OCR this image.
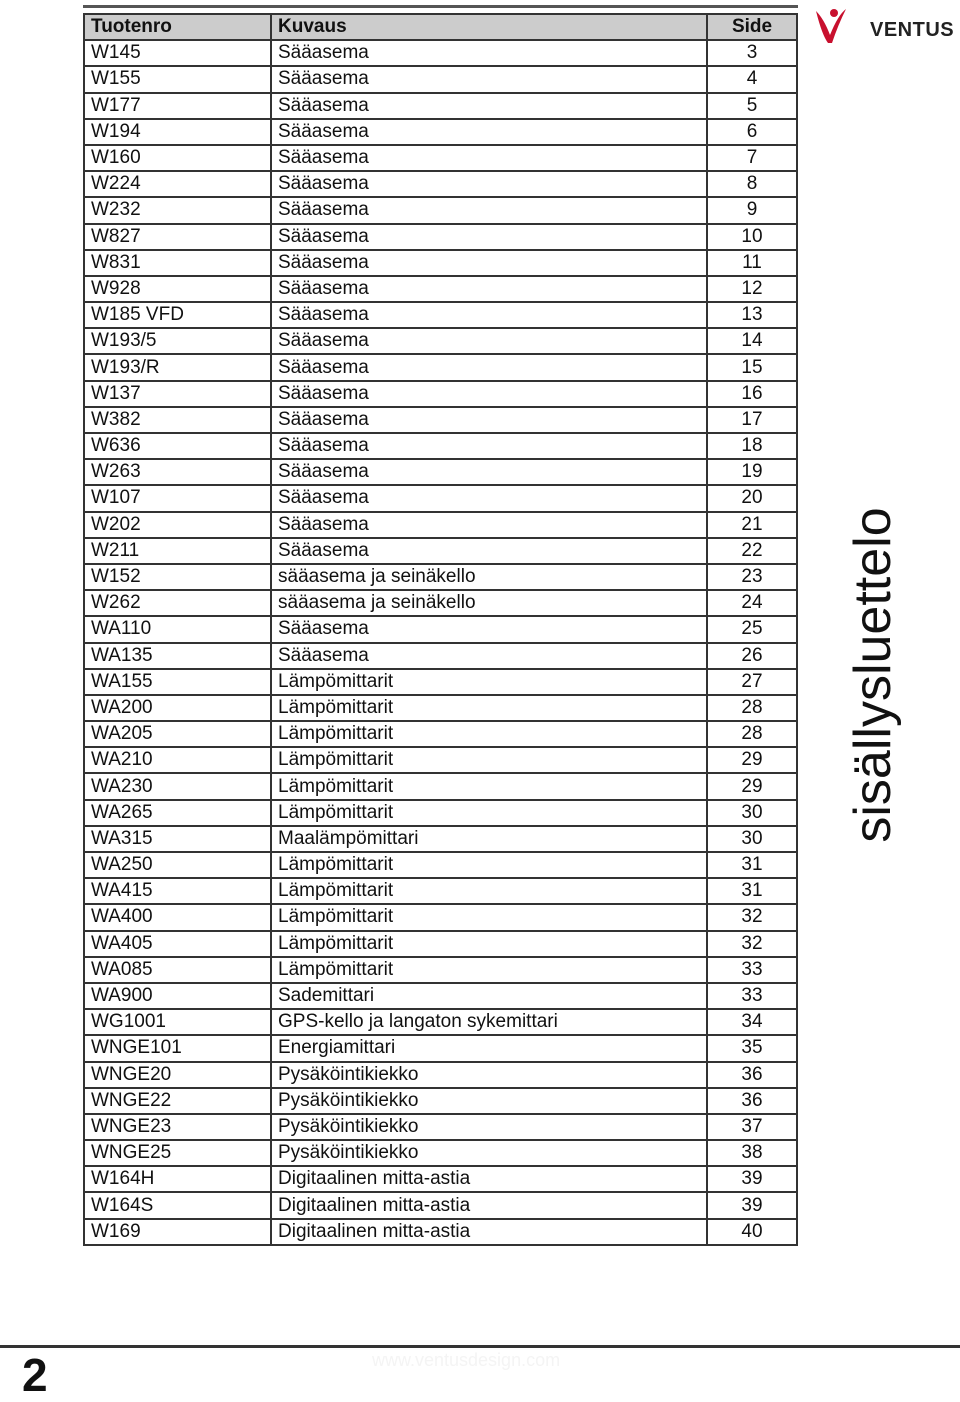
Tuotenro	Kuvaus	Side
W145	Sääasema	3
W155	Sääasema	4
W177	Sääasema	5
W194	Sääasema	6
W160	Sääasema	7
W224	Sääasema	8
W232	Sääasema	9
W827	Sääasema	10
W831	Sääasema	11
W928	Sääasema	12
W185 VFD	Sääasema	13
W193/5	Sääasema	14
W193/R	Sääasema	15
W137	Sääasema	16
W382	Sääasema	17
W636	Sääasema	18
W263	Sääasema	19
W107	Sääasema	20
W202	Sääasema	21
W211	Sääasema	22
W152	sääasema ja seinäkello	23
W262	sääasema ja seinäkello	24
WA110	Sääasema	25
WA135	Sääasema	26
WA155	Lämpömittarit	27
WA200	Lämpömittarit	28
WA205	Lämpömittarit	28
WA210	Lämpömittarit	29
WA230	Lämpömittarit	29
WA265	Lämpömittarit	30
WA315	Maalämpömittari	30
WA250	Lämpömittarit	31
WA415	Lämpömittarit	31
WA400	Lämpömittarit	32
WA405	Lämpömittarit	32
WA085	Lämpömittarit	33
WA900	Sademittari	33
WG1001	GPS-kello ja langaton sykemittari	34
WNGE101	Energiamittari	35
WNGE20	Pysäköintikiekko	36
WNGE22	Pysäköintikiekko	36
WNGE23	Pysäköintikiekko	37
WNGE25	Pysäköintikiekko	38
W164H	Digitaalinen mitta-astia	39
W164S	Digitaalinen mitta-astia	39
W169	Digitaalinen mitta-astia	40
VENTUS
sisällysluettelo
2	www.ventusdesign.com
